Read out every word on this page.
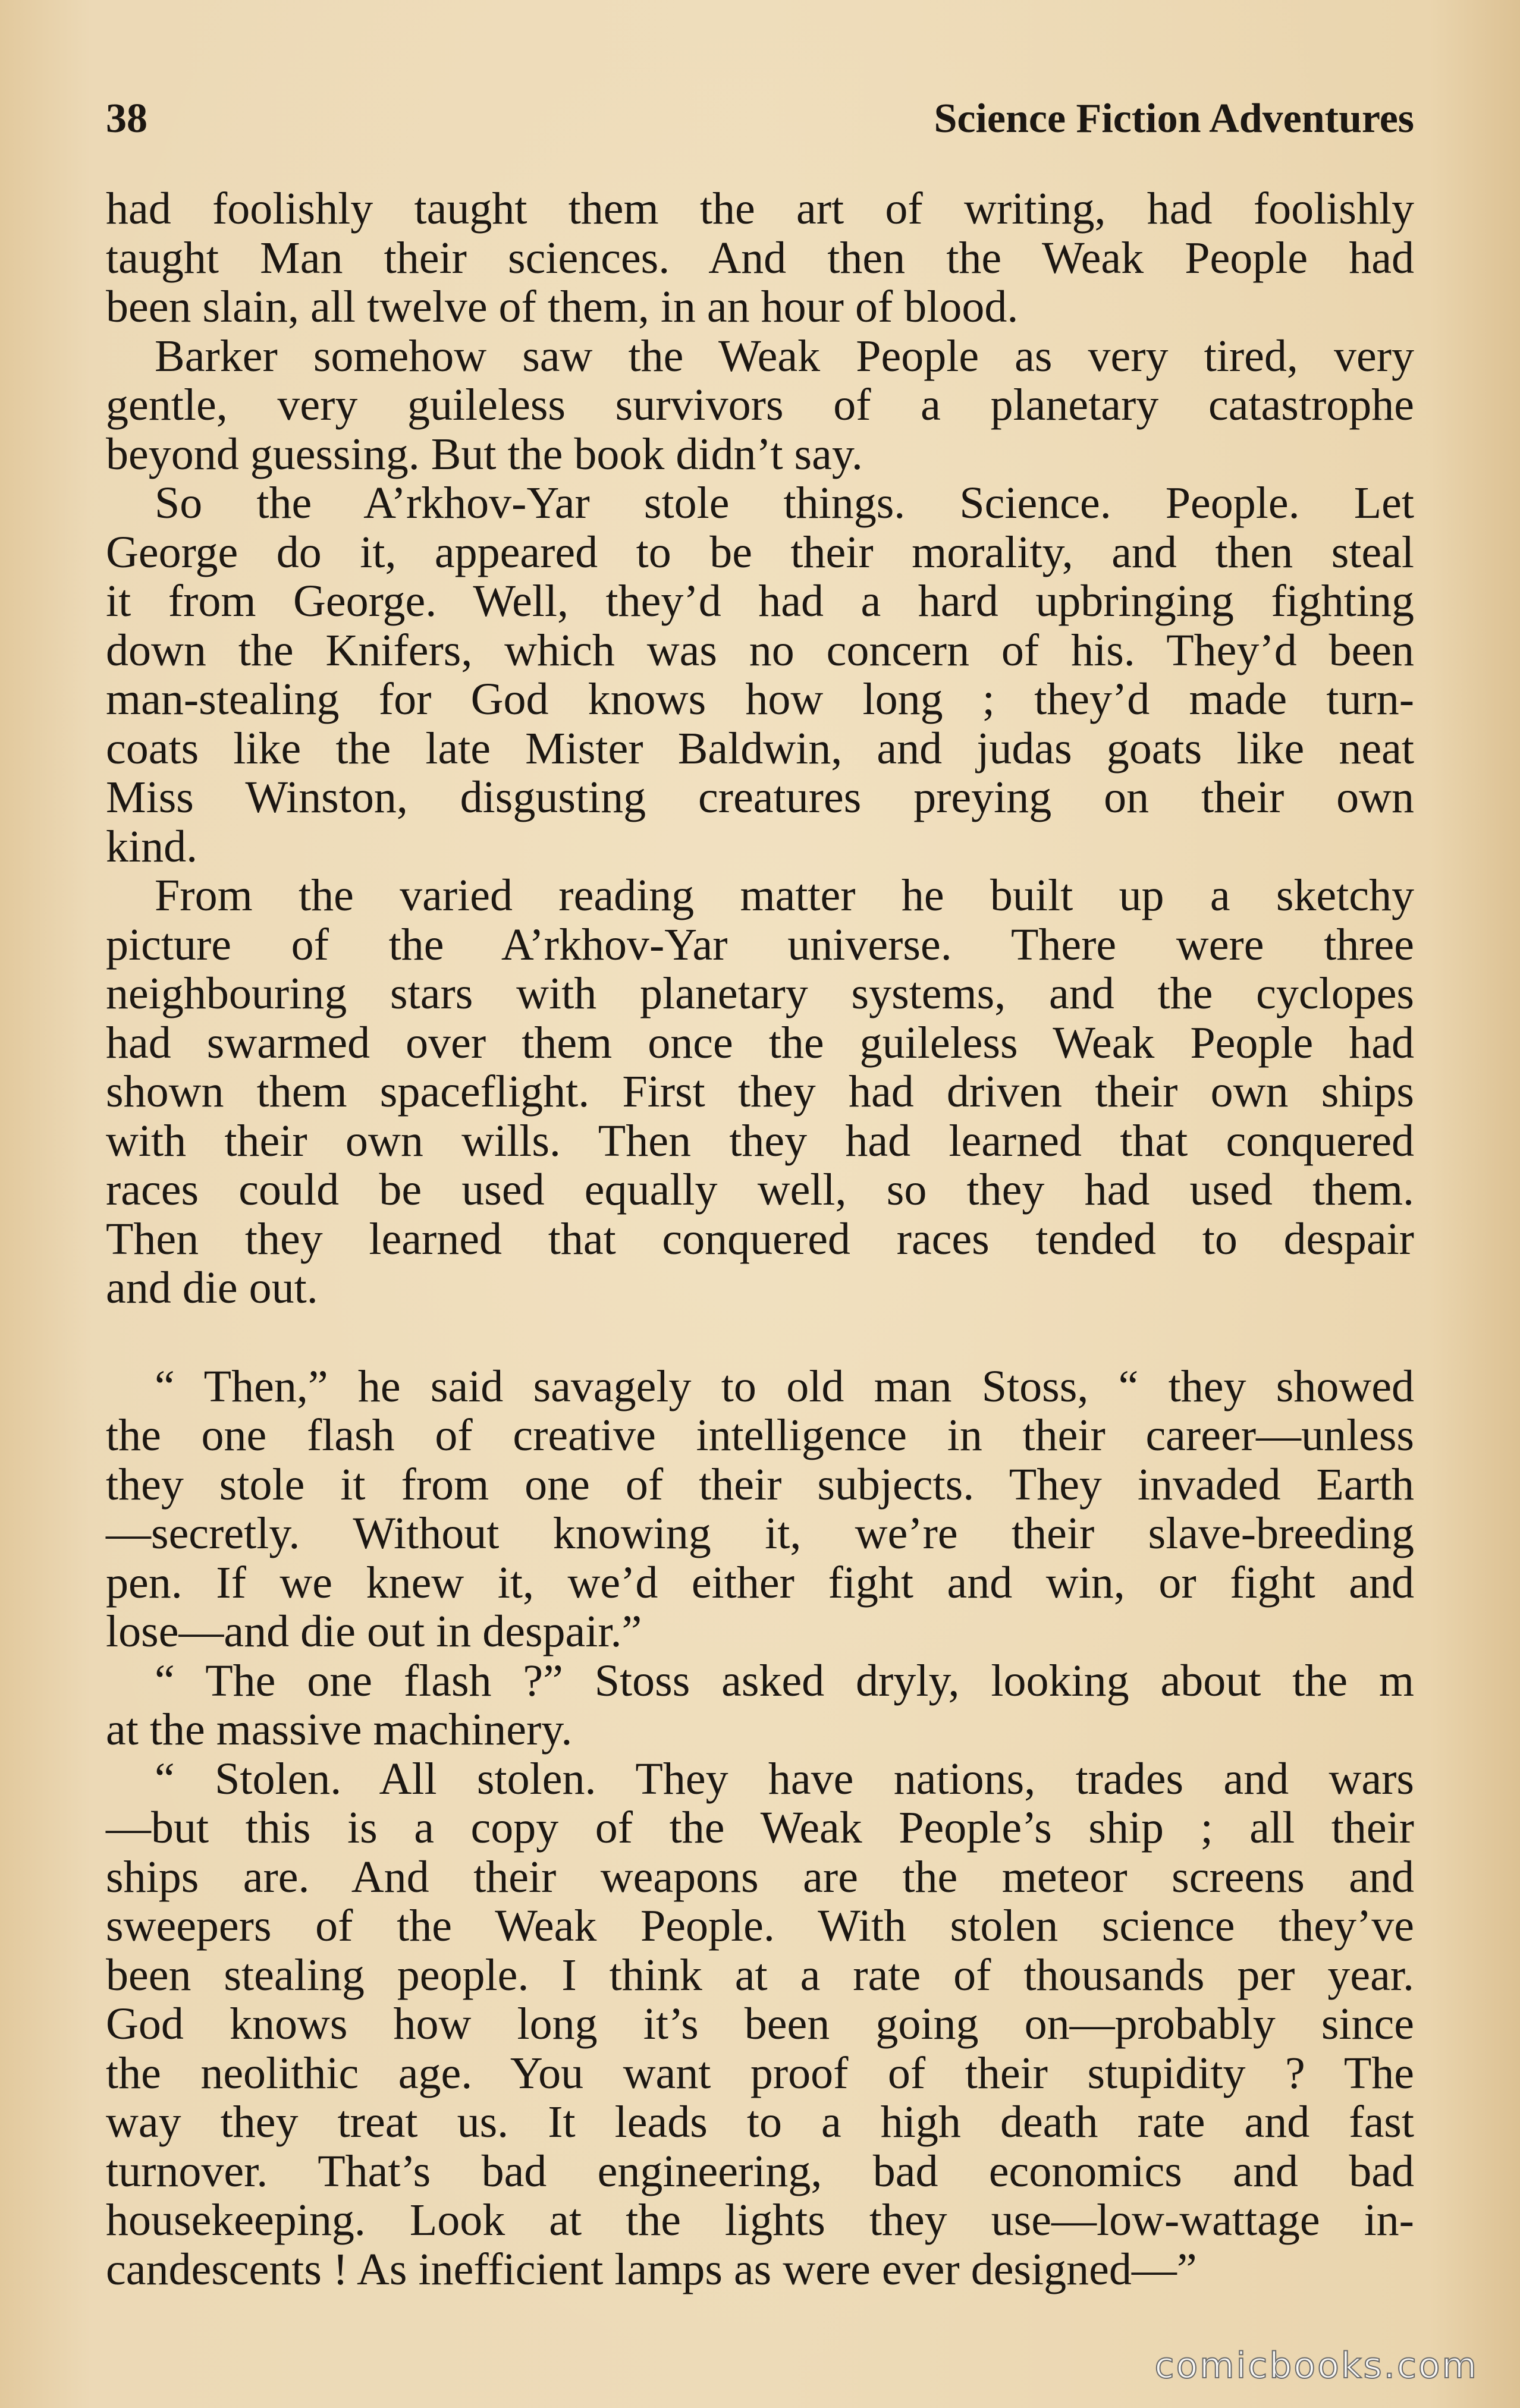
38	Science Fiction Adventures
had foolishly taught them the art of writing, had foolishly
taught Man their sciences. And then the Weak People had
been slain, all twelve of them, in an hour of blood.
Barker somehow saw the Weak People as very tired, very
gentle, very guileless survivors of a planetary catastrophe
beyond guessing. But the book didn’t say.
So the A’rkhov-Yar stole things. Science. People. Let
George do it, appeared to be their morality, and then steal
it from George. Well, they’d had a hard upbringing fighting
down the Knifers, which was no concern of his. They’d been
man-stealing for God knows how long ; they’d made turn-
coats like the late Mister Baldwin, and judas goats like neat
Miss Winston, disgusting creatures preying on their own
kind.
From the varied reading matter he built up a sketchy
picture of the A’rkhov-Yar universe. There were three
neighbouring stars with planetary systems, and the cyclopes
had swarmed over them once the guileless Weak People had
shown them spaceflight. First they had driven their own ships
with their own wills. Then they had learned that conquered
races could be used equally well, so they had used them.
Then they learned that conquered races tended to despair
and die out.
“ Then,” he said savagely to old man Stoss, “ they showed
the one flash of creative intelligence in their career—unless
they stole it from one of their subjects. They invaded Earth
—secretly. Without knowing it, we’re their slave-breeding
pen. If we knew it, we’d either fight and win, or fight and
lose—and die out in despair.”
“ The one flash ?” Stoss asked dryly, looking about the m
at the massive machinery.
“ Stolen. All stolen. They have nations, trades and wars
—but this is a copy of the Weak People’s ship ; all their
ships are. And their weapons are the meteor screens and
sweepers of the Weak People. With stolen science they’ve
been stealing people. I think at a rate of thousands per year.
God knows how long it’s been going on—probably since
the neolithic age. You want proof of their stupidity ? The
way they treat us. It leads to a high death rate and fast
turnover. That’s bad engineering, bad economics and bad
housekeeping. Look at the lights they use—low-wattage in-
candescents ! As inefficient lamps as were ever designed—”
comicbooks.com
